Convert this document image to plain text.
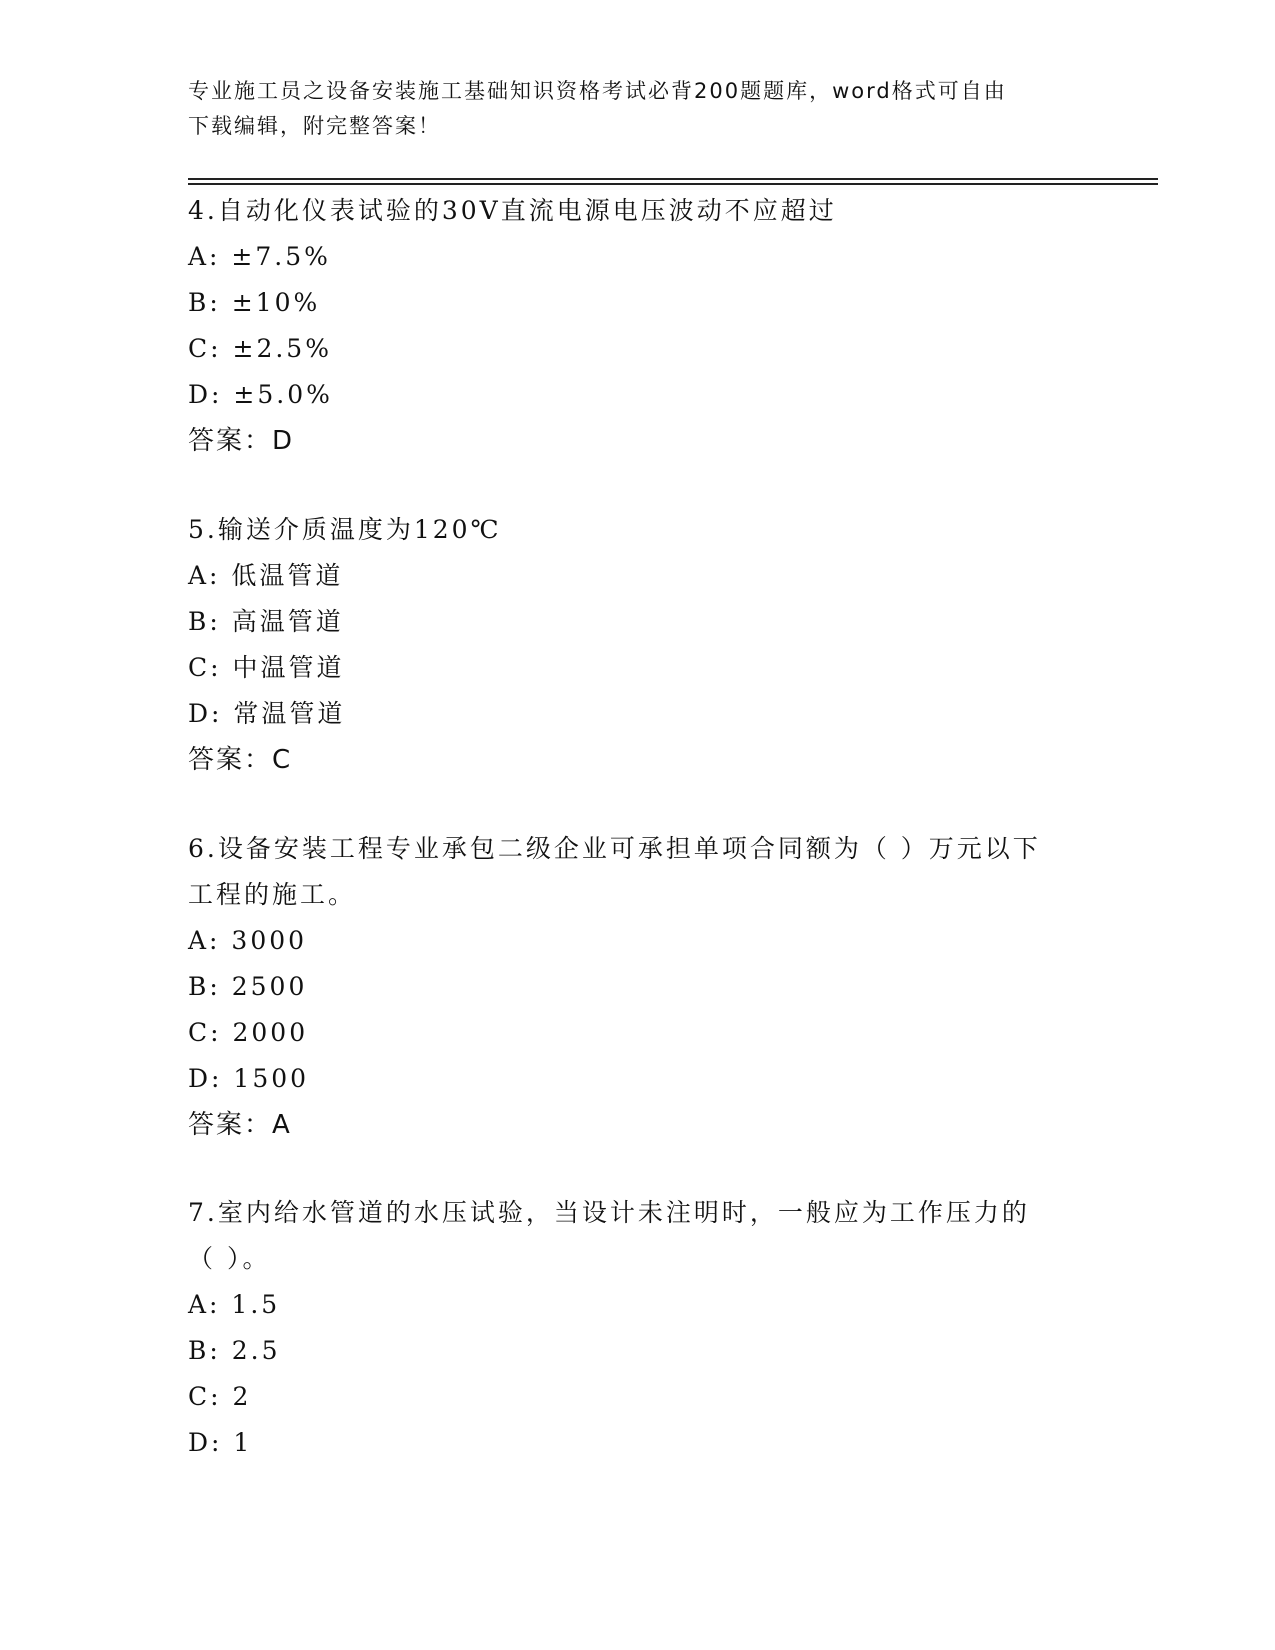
专业施工员之设备安装施工基础知识资格考试必背200题题库，word格式可自由
下载编辑，附完整答案！
4.自动化仪表试验的30V直流电源电压波动不应超过
A: ±7.5%
B: ±10%
C: ±2.5%
D: ±5.0%
答案：D
5.输送介质温度为120℃
A: 低温管道
B: 高温管道
C: 中温管道
D: 常温管道
答案：C
6.设备安装工程专业承包二级企业可承担单项合同额为（ ）万元以下
工程的施工。
A: 3000
B: 2500
C: 2000
D: 1500
答案：A
7.室内给水管道的水压试验，当设计未注明时，一般应为工作压力的
（ ）。
A: 1.5
B: 2.5
C: 2
D: 1
